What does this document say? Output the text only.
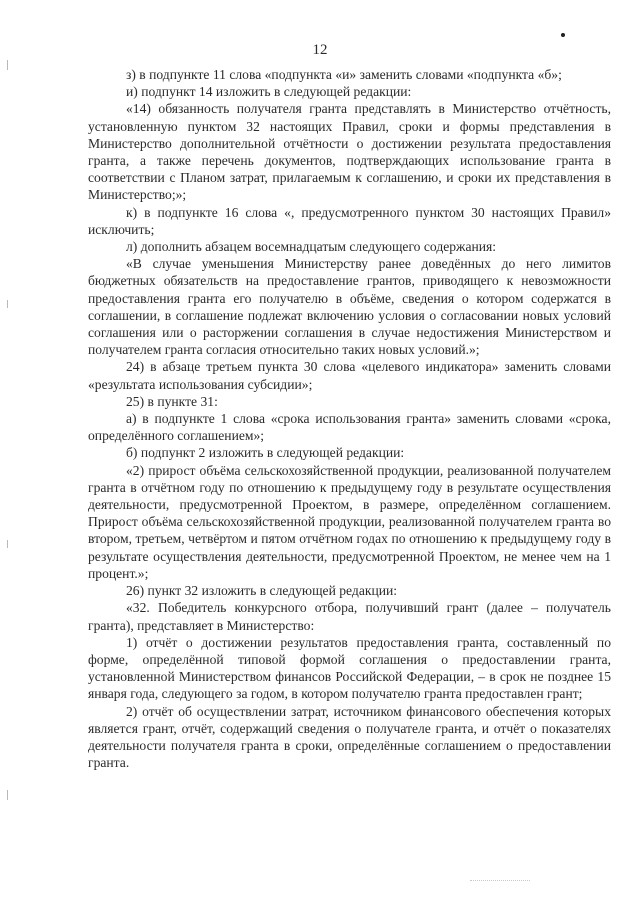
12

з) в подпункте 11 слова «подпункта «и» заменить словами «подпункта «б»;

и) подпункт 14 изложить в следующей редакции:

«14) обязанность получателя гранта представлять в Министерство отчётность, установленную пунктом 32 настоящих Правил, сроки и формы представления в Министерство дополнительной отчётности о достижении результата предоставления гранта, а также перечень документов, подтверждающих использование гранта в соответствии с Планом затрат, прилагаемым к соглашению, и сроки их представления в Министерство;»;

к) в подпункте 16 слова «, предусмотренного пунктом 30 настоящих Правил» исключить;

л) дополнить абзацем восемнадцатым следующего содержания:

«В случае уменьшения Министерству ранее доведённых до него лимитов бюджетных обязательств на предоставление грантов, приводящего к невозможности предоставления гранта его получателю в объёме, сведения о котором содержатся в соглашении, в соглашение подлежат включению условия о согласовании новых условий соглашения или о расторжении соглашения в случае недостижения Министерством и получателем гранта согласия относительно таких новых условий.»;

24) в абзаце третьем пункта 30 слова «целевого индикатора» заменить словами «результата использования субсидии»;

25) в пункте 31:

а) в подпункте 1 слова «срока использования гранта» заменить словами «срока, определённого соглашением»;

б) подпункт 2 изложить в следующей редакции:

«2) прирост объёма сельскохозяйственной продукции, реализованной получателем гранта в отчётном году по отношению к предыдущему году в результате осуществления деятельности, предусмотренной Проектом, в размере, определённом соглашением. Прирост объёма сельскохозяйственной продукции, реализованной получателем гранта во втором, третьем, четвёртом и пятом отчётном годах по отношению к предыдущему году в результате осуществления деятельности, предусмотренной Проектом, не менее чем на 1 процент.»;

26) пункт 32 изложить в следующей редакции:

«32. Победитель конкурсного отбора, получивший грант (далее – получатель гранта), представляет в Министерство:

1) отчёт о достижении результатов предоставления гранта, составленный по форме, определённой типовой формой соглашения о предоставлении гранта, установленной Министерством финансов Российской Федерации, – в срок не позднее 15 января года, следующего за годом, в котором получателю гранта предоставлен грант;

2) отчёт об осуществлении затрат, источником финансового обеспечения которых является грант, отчёт, содержащий сведения о получателе гранта, и отчёт о показателях деятельности получателя гранта в сроки, определённые соглашением о предоставлении гранта.
